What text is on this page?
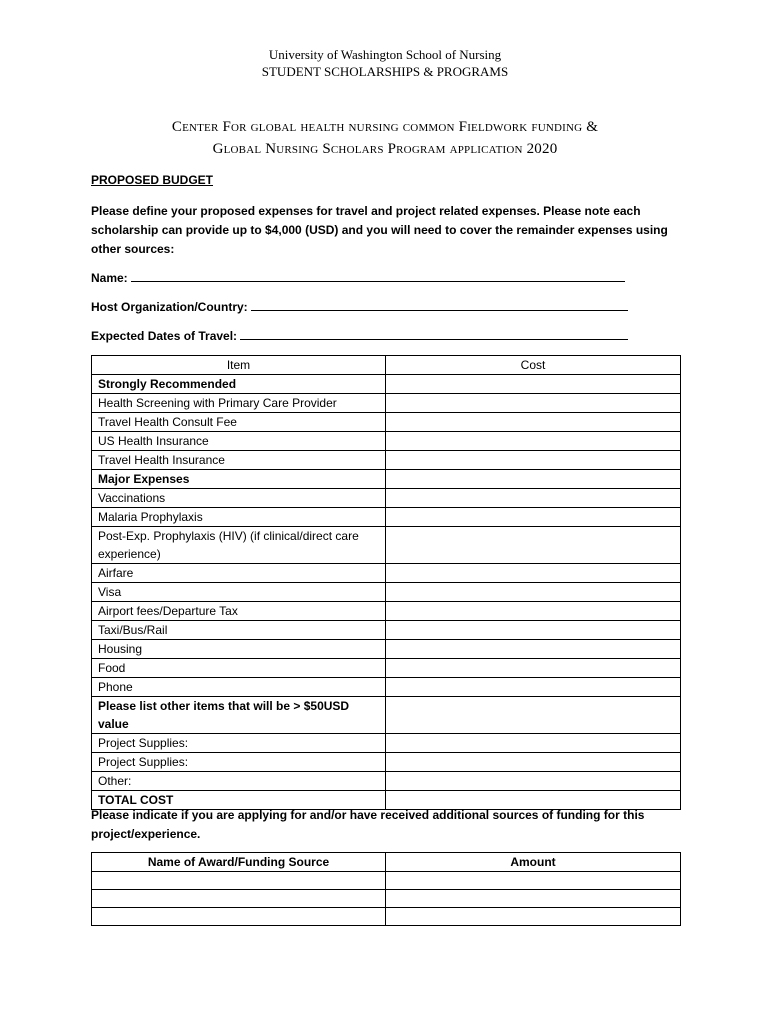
University of Washington School of Nursing
STUDENT SCHOLARSHIPS & PROGRAMS
Center For global health nursing common Fieldwork funding &
Global Nursing Scholars Program application 2020
PROPOSED BUDGET
Please define your proposed expenses for travel and project related expenses. Please note each scholarship can provide up to $4,000 (USD) and you will need to cover the remainder expenses using other sources:
Name:
Host Organization/Country:
Expected Dates of Travel:
Item	Cost
Strongly Recommended	
Health Screening with Primary Care Provider	
Travel Health Consult Fee	
US Health Insurance	
Travel Health Insurance	
Major Expenses	
Vaccinations	
Malaria Prophylaxis	
Post-Exp. Prophylaxis (HIV) (if clinical/direct care experience)	
Airfare	
Visa	
Airport fees/Departure Tax	
Taxi/Bus/Rail	
Housing	
Food	
Phone	
Please list other items that will be > $50USD value	
Project Supplies:	
Project Supplies:	
Other:	
TOTAL COST	
Please indicate if you are applying for and/or have received additional sources of funding for this project/experience.
Name of Award/Funding Source	Amount
